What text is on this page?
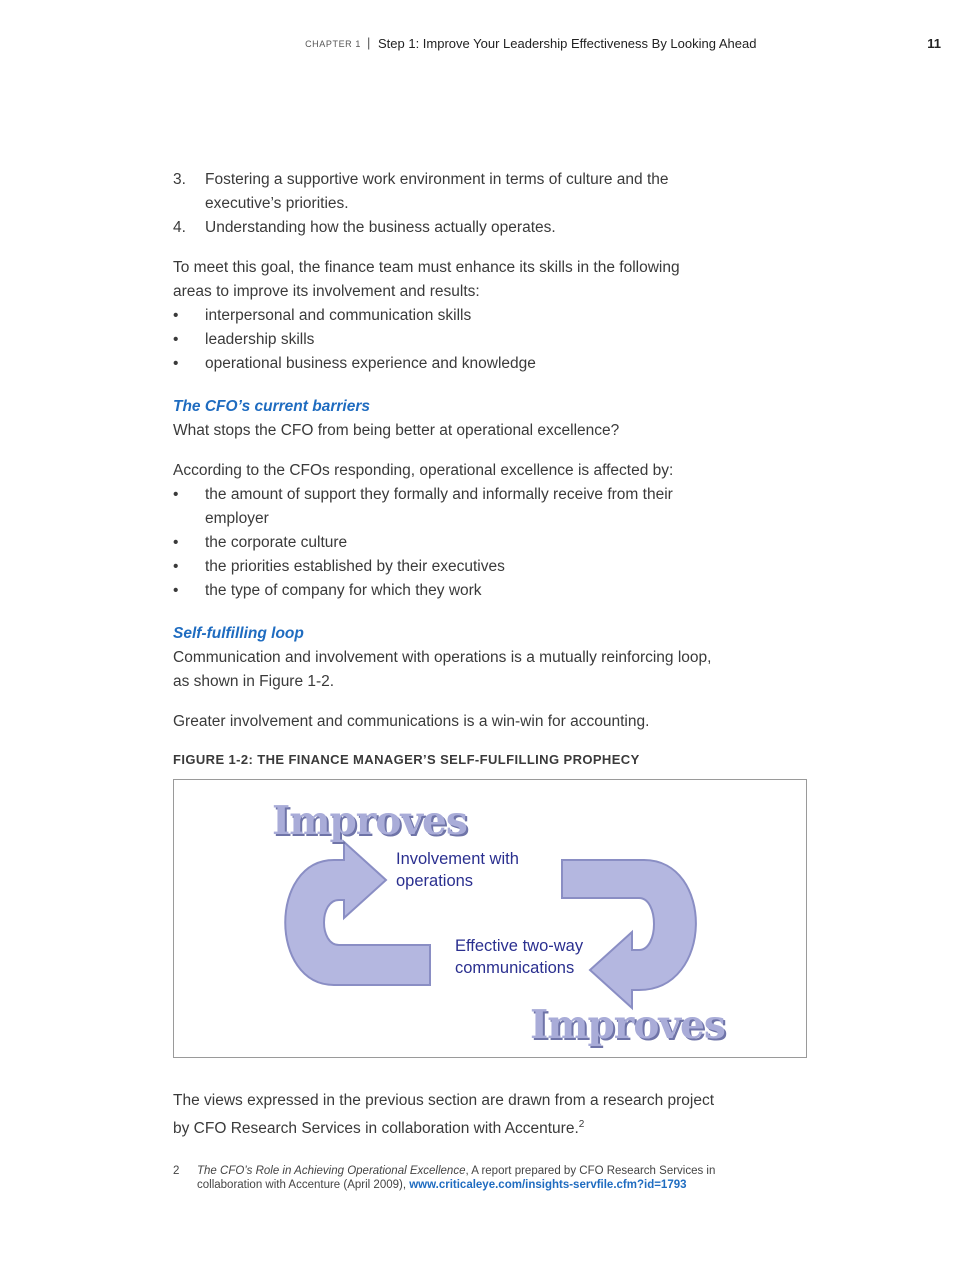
CHAPTER 1 | Step 1: Improve Your Leadership Effectiveness By Looking Ahead	11
3. Fostering a supportive work environment in terms of culture and the
executive’s priorities.
4. Understanding how the business actually operates.
To meet this goal, the finance team must enhance its skills in the following
areas to improve its involvement and results:
• interpersonal and communication skills
• leadership skills
• operational business experience and knowledge
The CFO’s current barriers
What stops the CFO from being better at operational excellence?
According to the CFOs responding, operational excellence is affected by:
• the amount of support they formally and informally receive from their
employer
• the corporate culture
• the priorities established by their executives
• the type of company for which they work
Self-fulfilling loop
Communication and involvement with operations is a mutually reinforcing loop,
as shown in Figure 1-2.
Greater involvement and communications is a win-win for accounting.
FIGURE 1-2: THE FINANCE MANAGER’S SELF-FULFILLING PROPHECY
Improves
Improves
Involvement with
operations
Effective two-way
communications
The views expressed in the previous section are drawn from a research project
by CFO Research Services in collaboration with Accenture.$^2$
2 The CFO’s Role in Achieving Operational Excellence, A report prepared by CFO Research Services in
collaboration with Accenture (April 2009), www.criticaleye.com/insights-servfile.cfm?id=1793
